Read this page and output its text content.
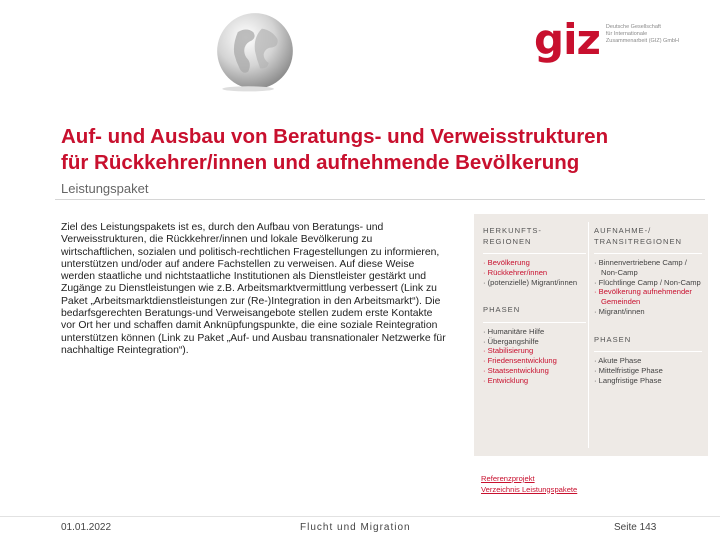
giz Deutsche Gesellschaft
für Internationale
Zusammenarbeit (GIZ) GmbH
Auf- und Ausbau von Beratungs- und Verweisstrukturen
für Rückkehrer/innen und aufnehmende Bevölkerung
Leistungspaket
Ziel des Leistungspakets ist es, durch den Aufbau von Beratungs- und Verweisstrukturen, die Rückkehrer/innen und lokale Bevölkerung zu wirtschaftlichen, sozialen und politisch-rechtlichen Fragestellungen zu informieren, unterstützen und/oder auf andere Fachstellen zu verweisen. Auf diese Weise werden staatliche und nichtstaatliche Institutionen als Dienstleister gestärkt und Zugänge zu Dienstleistungen wie z.B. Arbeitsmarktvermittlung verbessert (Link zu Paket „Arbeitsmarktdienstleistungen zur (Re-)Integration in den Arbeitsmarkt“). Die bedarfsgerechten Beratungs-und Verweisangebote stellen zudem erste Kontakte vor Ort her und schaffen damit Anknüpfungspunkte, die eine soziale Reintegration unterstützen können (Link zu Paket „Auf- und Ausbau transnationaler Netzwerke für nachhaltige Reintegration“).
HERKUNFTS-
REGIONEN
· Bevölkerung
· Rückkehrer/innen
· (potenzielle) Migrant/innen
PHASEN
· Humanitäre Hilfe
· Übergangshilfe
· Stabilisierung
· Friedensentwicklung
· Staatsentwicklung
· Entwicklung
AUFNAHME-/
TRANSITREGIONEN
· Binnenvertriebene Camp / Non-Camp
· Flüchtlinge Camp / Non-Camp
· Bevölkerung aufnehmender Gemeinden
· Migrant/innen
PHASEN
· Akute Phase
· Mittelfristige Phase
· Langfristige Phase
Referenzprojekt
Verzeichnis Leistungspakete
01.01.2022	Flucht und Migration	Seite 143
